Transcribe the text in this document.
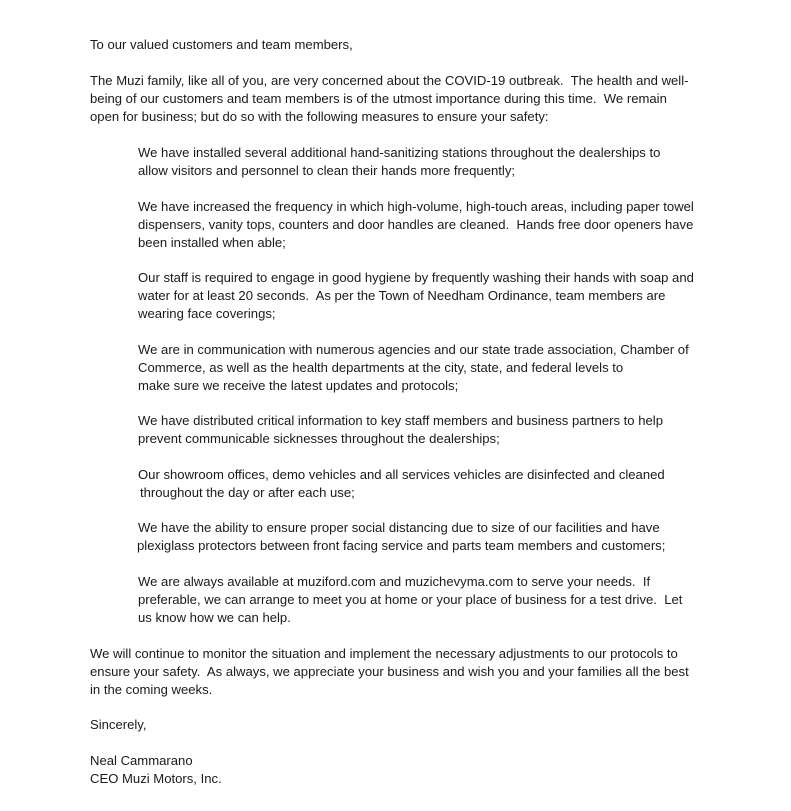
To our valued customers and team members,

The Muzi family, like all of you, are very concerned about the COVID-19 outbreak.  The health and well-

being of our customers and team members is of the utmost importance during this time.  We remain

open for business; but do so with the following measures to ensure your safety:

We have installed several additional hand-sanitizing stations throughout the dealerships to

allow visitors and personnel to clean their hands more frequently;

We have increased the frequency in which high-volume, high-touch areas, including paper towel

dispensers, vanity tops, counters and door handles are cleaned.  Hands free door openers have

been installed when able;

Our staff is required to engage in good hygiene by frequently washing their hands with soap and

water for at least 20 seconds.  As per the Town of Needham Ordinance, team members are

wearing face coverings;

We are in communication with numerous agencies and our state trade association, Chamber of

Commerce, as well as the health departments at the city, state, and federal levels to

make sure we receive the latest updates and protocols;

We have distributed critical information to key staff members and business partners to help

prevent communicable sicknesses throughout the dealerships;

Our showroom offices, demo vehicles and all services vehicles are disinfected and cleaned

throughout the day or after each use;

We have the ability to ensure proper social distancing due to size of our facilities and have

plexiglass protectors between front facing service and parts team members and customers;

We are always available at muziford.com and muzichevyma.com to serve your needs.  If

preferable, we can arrange to meet you at home or your place of business for a test drive.  Let

us know how we can help.

We will continue to monitor the situation and implement the necessary adjustments to our protocols to

ensure your safety.  As always, we appreciate your business and wish you and your families all the best

in the coming weeks.

Sincerely,

Neal Cammarano

CEO Muzi Motors, Inc.
